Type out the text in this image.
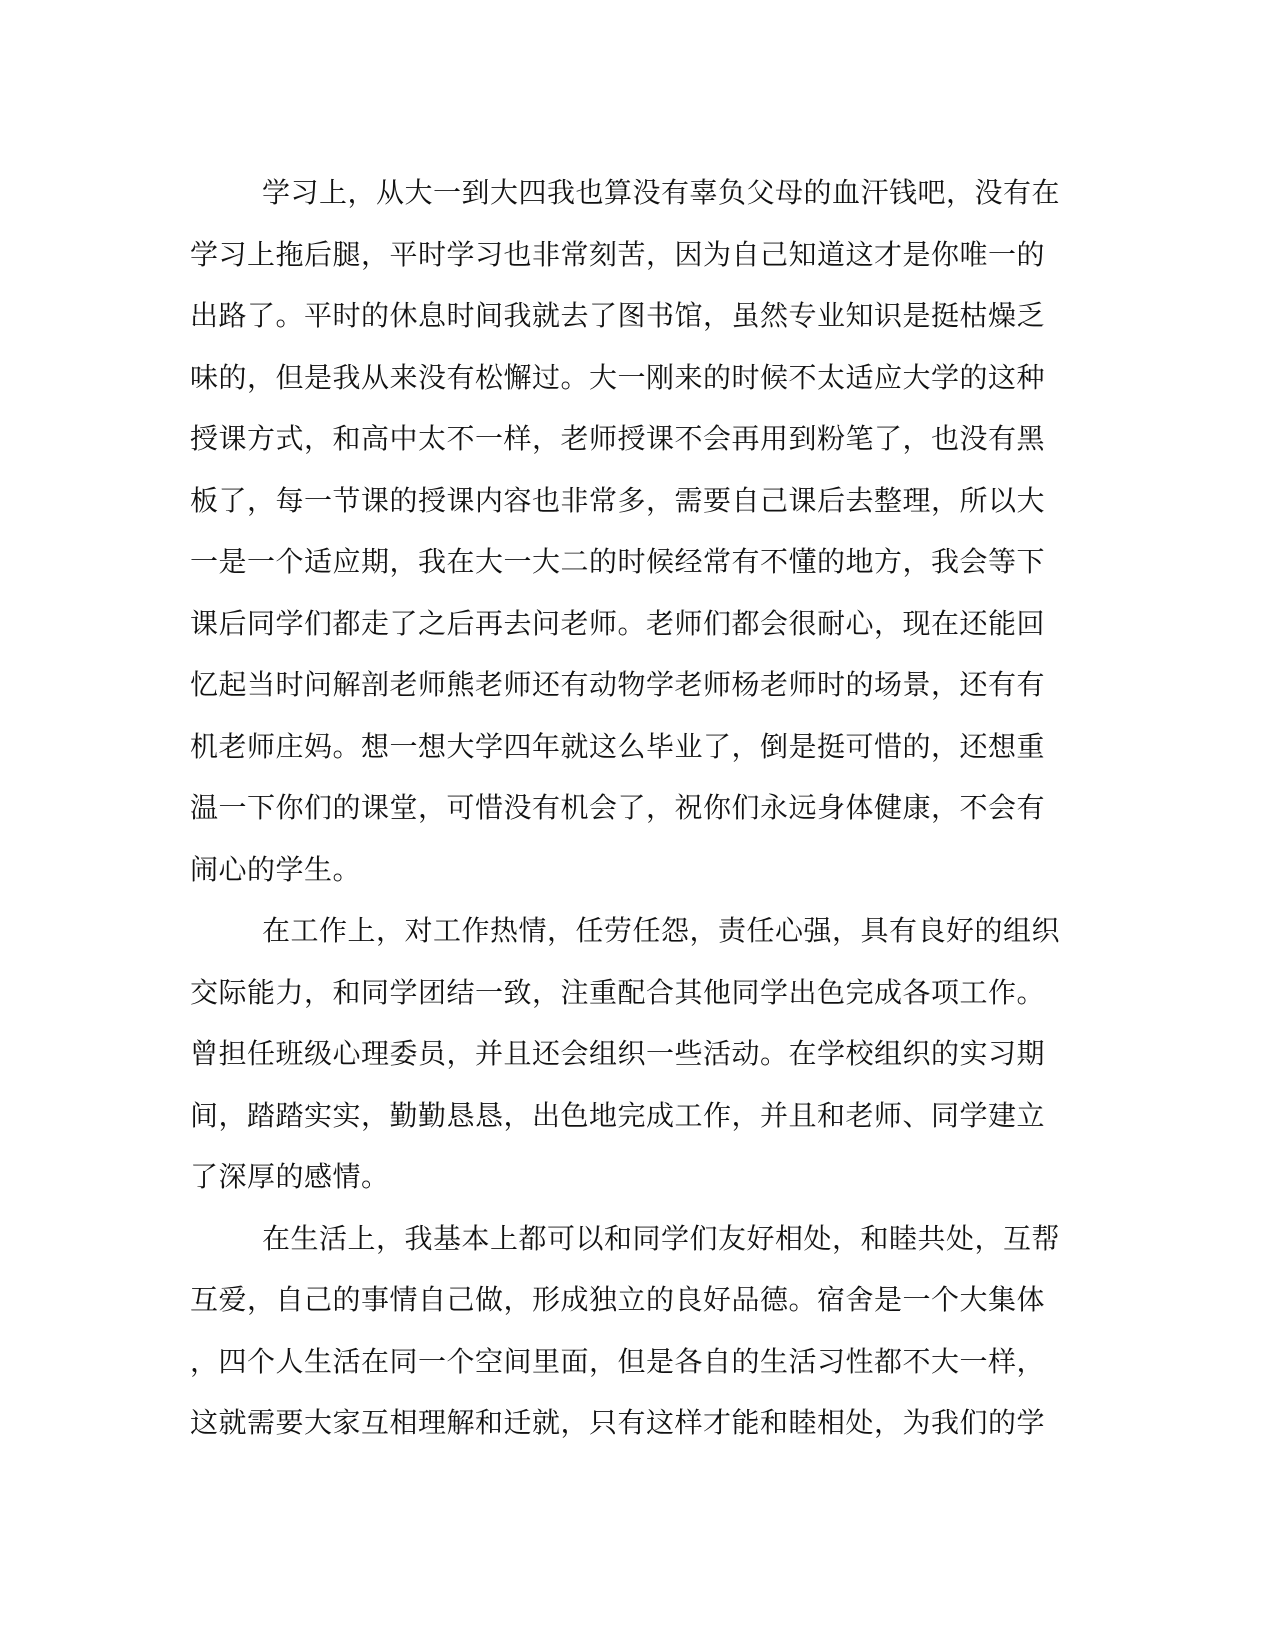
学习上，从大一到大四我也算没有辜负父母的血汗钱吧，没有在
学习上拖后腿，平时学习也非常刻苦，因为自己知道这才是你唯一的
出路了。平时的休息时间我就去了图书馆，虽然专业知识是挺枯燥乏
味的，但是我从来没有松懈过。大一刚来的时候不太适应大学的这种
授课方式，和高中太不一样，老师授课不会再用到粉笔了，也没有黑
板了，每一节课的授课内容也非常多，需要自己课后去整理，所以大
一是一个适应期，我在大一大二的时候经常有不懂的地方，我会等下
课后同学们都走了之后再去问老师。老师们都会很耐心，现在还能回
忆起当时问解剖老师熊老师还有动物学老师杨老师时的场景，还有有
机老师庄妈。想一想大学四年就这么毕业了，倒是挺可惜的，还想重
温一下你们的课堂，可惜没有机会了，祝你们永远身体健康，不会有
闹心的学生。
在工作上，对工作热情，任劳任怨，责任心强，具有良好的组织
交际能力，和同学团结一致，注重配合其他同学出色完成各项工作。
曾担任班级心理委员，并且还会组织一些活动。在学校组织的实习期
间，踏踏实实，勤勤恳恳，出色地完成工作，并且和老师、同学建立
了深厚的感情。
在生活上，我基本上都可以和同学们友好相处，和睦共处，互帮
互爱，自己的事情自己做，形成独立的良好品德。宿舍是一个大集体
，四个人生活在同一个空间里面，但是各自的生活习性都不大一样，
这就需要大家互相理解和迁就，只有这样才能和睦相处，为我们的学
